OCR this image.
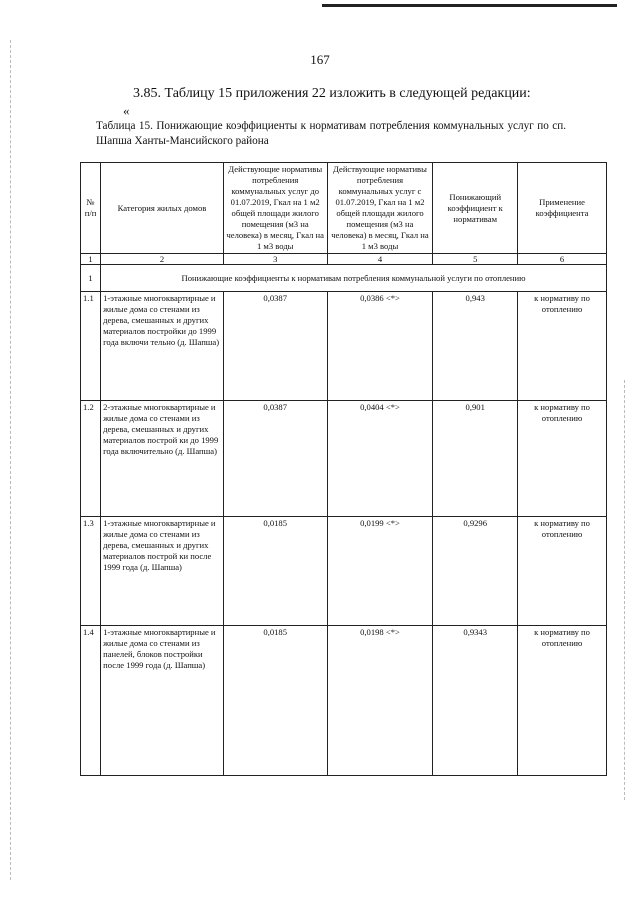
167
3.85. Таблицу 15 приложения 22 изложить в следующей редакции:
«
Таблица 15. Понижающие коэффициенты к нормативам потребления коммунальных услуг по сп. Шапша Ханты-Мансийского района
№ п/п	Категория жилых домов	Действующие нормативы потребления коммунальных услуг до 01.07.2019, Гкал на 1 м2 общей площади жилого помещения (м3 на человека) в месяц, Гкал на 1 м3 воды	Действующие нормативы потребления коммунальных услуг с 01.07.2019, Гкал на 1 м2 общей площади жилого помещения (м3 на человека) в месяц, Гкал на 1 м3 воды	Понижающий коэффициент к нормативам	Применение коэффициента
1	2	3	4	5	6
1	Понижающие коэффициенты к нормативам потребления коммунальной услуги по отоплению				
1.1	1-этажные многоквартирные и жилые дома со стенами из дерева, смешанных и других материалов постройки до 1999 года включи тельно (д. Шапша)	0,0387	0,0386 <*>	0,943	к нормативу по отоплению
1.2	2-этажные многоквартирные и жилые дома со стенами из дерева, смешанных и других материалов построй ки до 1999 года включительно (д. Шапша)	0,0387	0,0404 <*>	0,901	к нормативу по отоплению
1.3	1-этажные многоквартирные и жилые дома со стенами из дерева, смешанных и других материалов построй ки после 1999 года (д. Шапша)	0,0185	0,0199 <*>	0,9296	к нормативу по отоплению
1.4	1-этажные многоквартирные и жилые дома со стенами из панелей, блоков постройки после 1999 года (д. Шапша)	0,0185	0,0198 <*>	0,9343	к нормативу по отоплению
